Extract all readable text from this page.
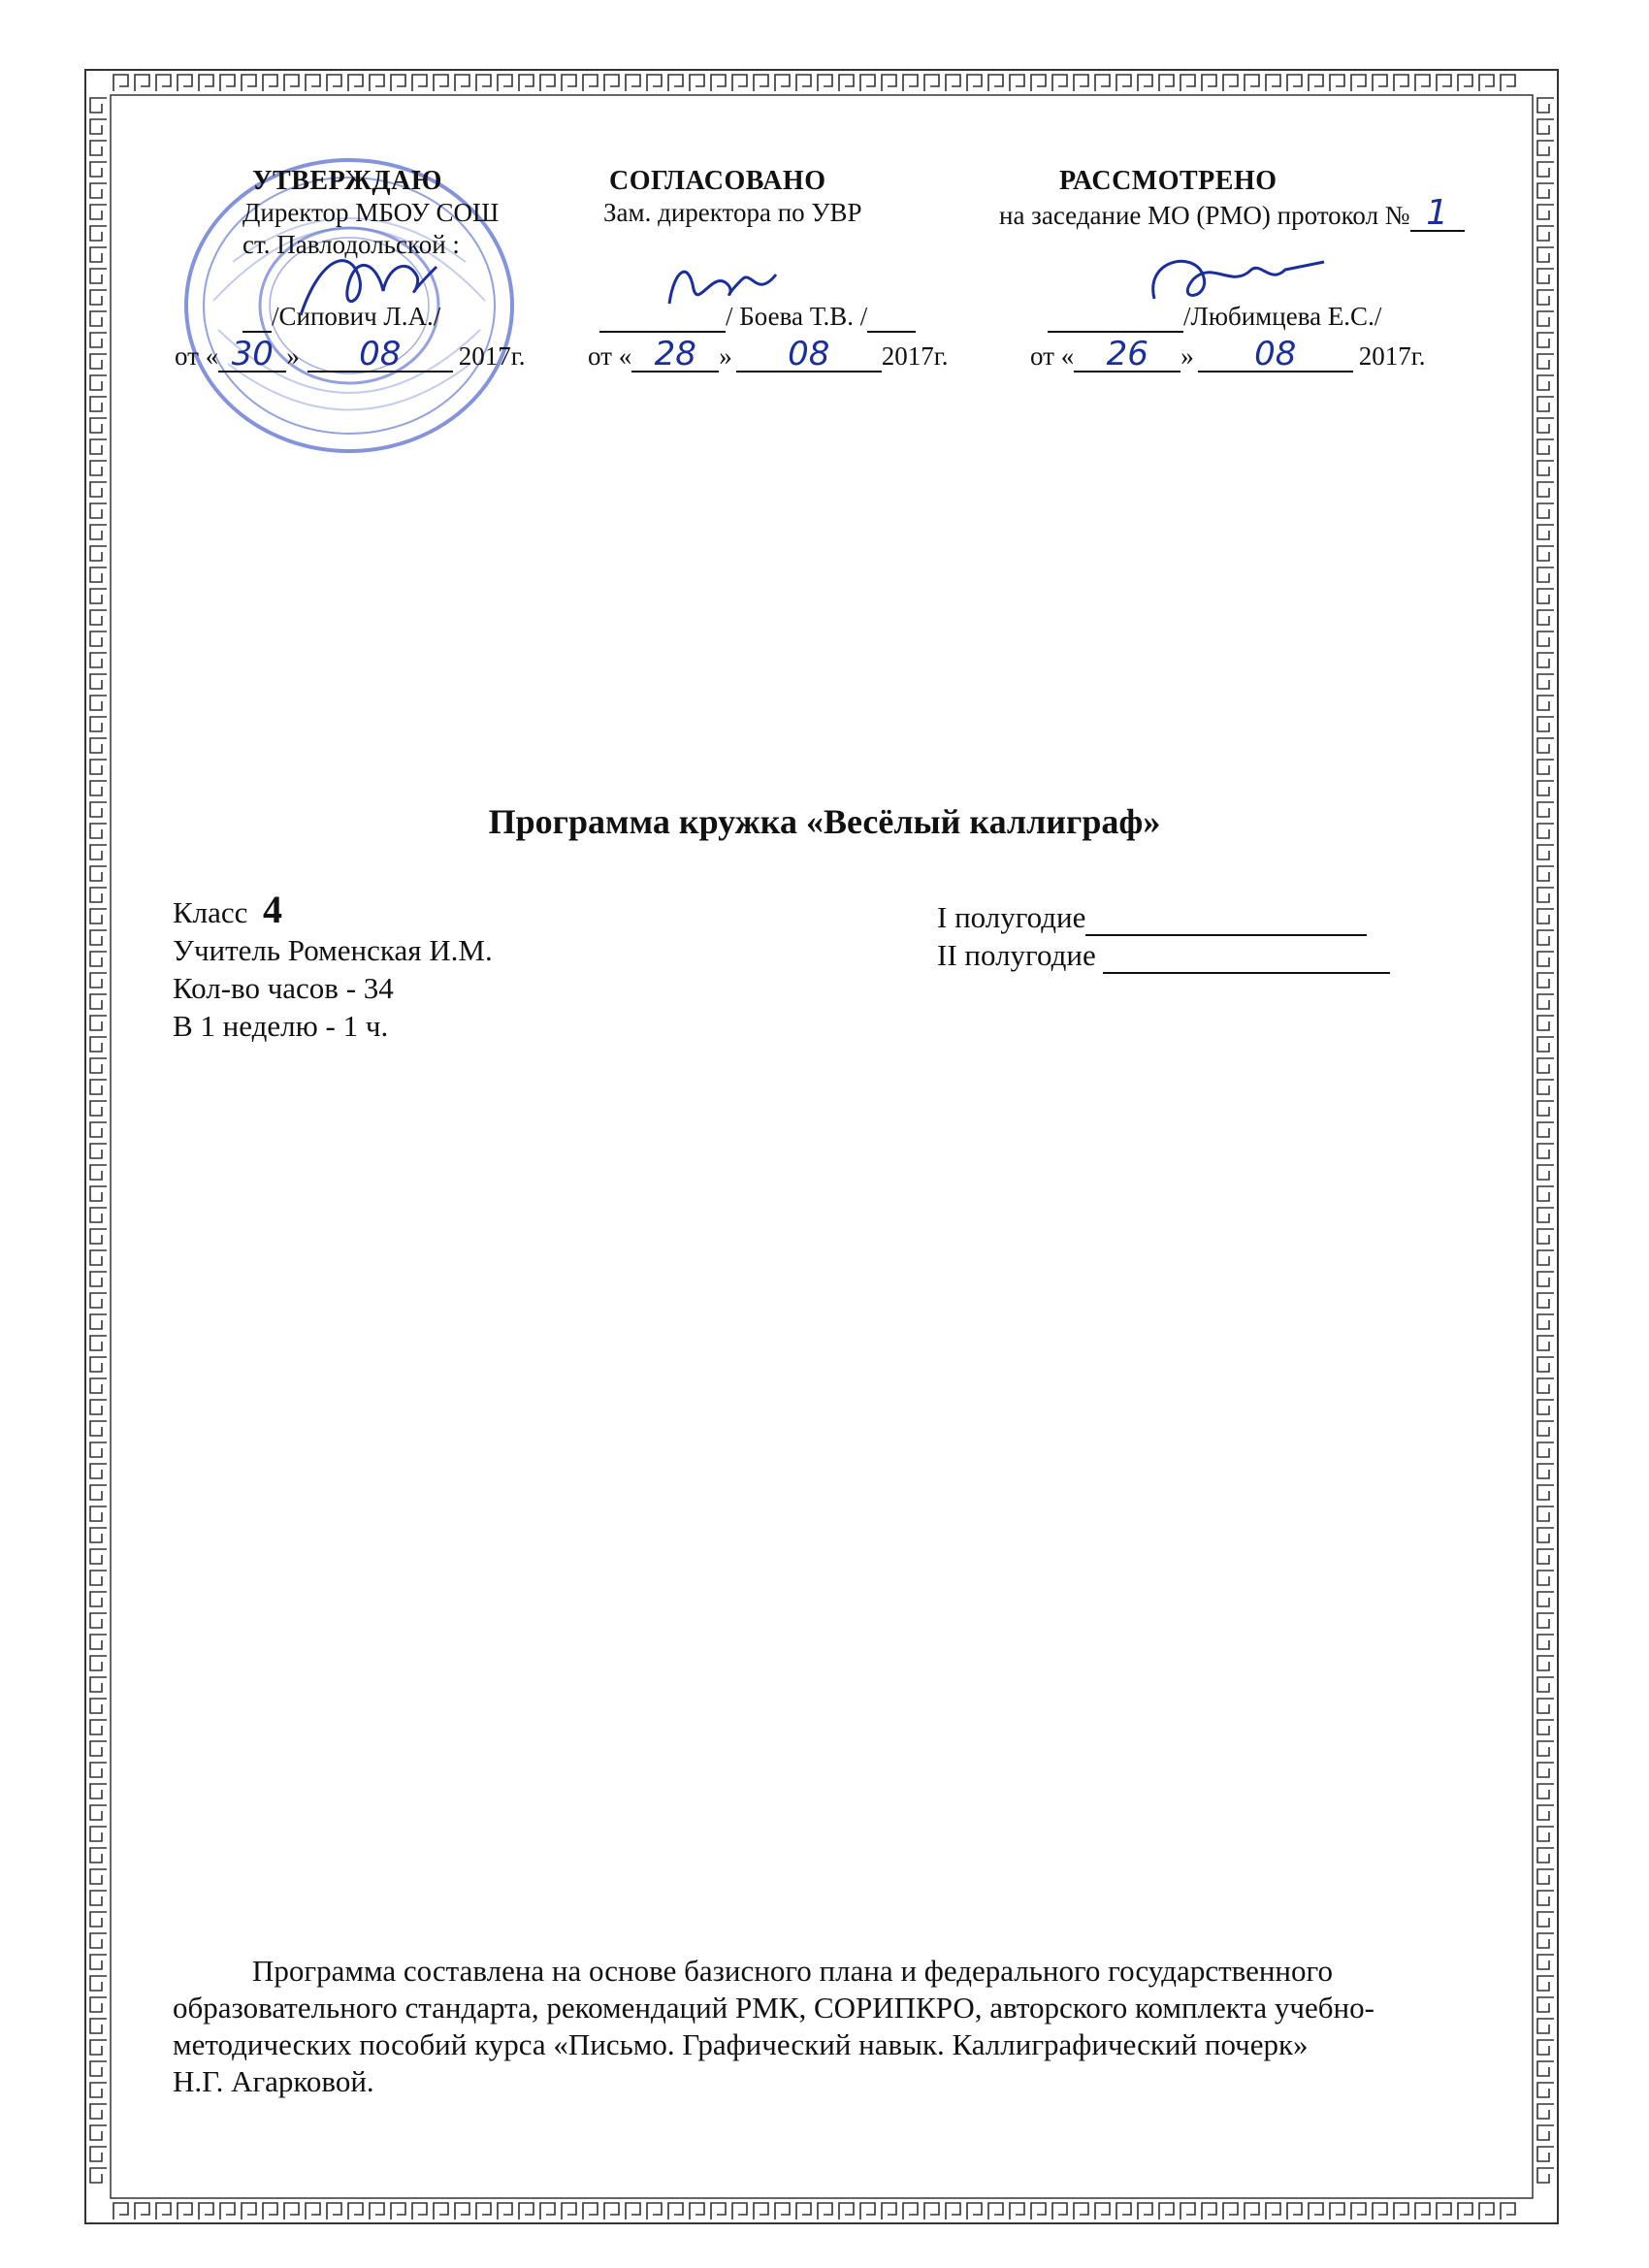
УТВЕРЖДАЮ
Директор МБОУ СОШ
ст. Павлодольской :
/Сипович Л.А./
от « 30 » 08 2017г.
СОГЛАСОВАНО
Зам. директора по УВР
/ Боева Т.В. /
от « 28 » 08 2017г.
РАССМОТРЕНО
на заседание МО (РМО) протокол № 1
/Любимцева Е.С./
от « 26 » 08 2017г.
Программа кружка «Весёлый каллиграф»
Класс 4
Учитель Роменская И.М.
Кол-во часов - 34
В 1 неделю - 1 ч.
I полугодие
II полугодие

Программа составлена на основе базисного плана и федерального государственного

образовательного стандарта, рекомендаций РМК, СОРИПКРО, авторского комплекта учебно-

методических пособий курса «Письмо. Графический навык. Каллиграфический почерк»

Н.Г. Агарковой.
